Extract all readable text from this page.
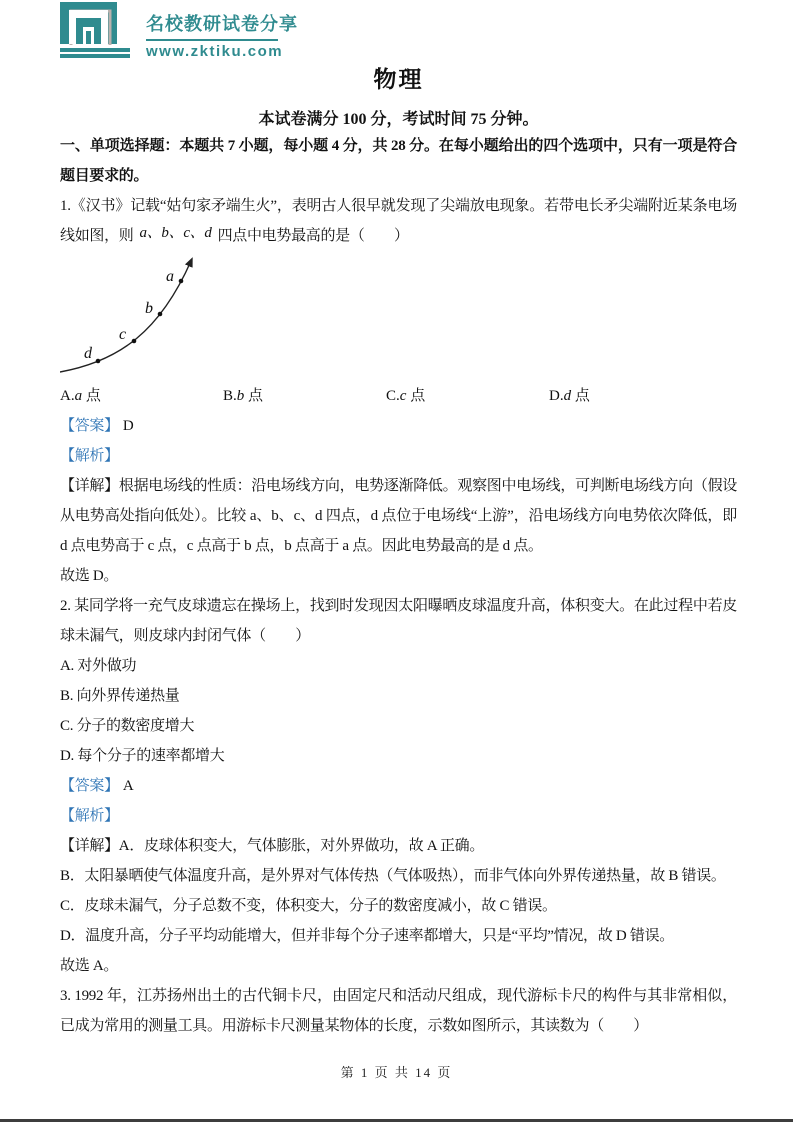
名校教研试卷分享
www.zktiku.com
物理

本试卷满分 100 分，考试时间 75 分钟。

一、单项选择题：本题共 7 小题，每小题 4 分，共 28 分。在每小题给出的四个选项中，只有一项是符合题目要求的。

1.《汉书》记载“姑句家矛端生火”，表明古人很早就发现了尖端放电现象。若带电长矛尖端附近某条电场线如图，则 a、b、c、d 四点中电势最高的是（　　）

a
b
c
d
A.a 点	B.b 点	C.c 点	D.d 点

【答案】 D

【解析】

【详解】根据电场线的性质：沿电场线方向，电势逐渐降低。观察图中电场线，可判断电场线方向（假设从电势高处指向低处）。比较 a、b、c、d 四点，d 点位于电场线“上游”，沿电场线方向电势依次降低，即 d 点电势高于 c 点，c 点高于 b 点，b 点高于 a 点。因此电势最高的是 d 点。

故选 D。

2. 某同学将一充气皮球遗忘在操场上，找到时发现因太阳曝晒皮球温度升高，体积变大。在此过程中若皮球未漏气，则皮球内封闭气体（　　）

A. 对外做功

B. 向外界传递热量

C. 分子的数密度增大

D. 每个分子的速率都增大

【答案】 A

【解析】

【详解】A．皮球体积变大，气体膨胀，对外界做功，故 A 正确。

B．太阳暴晒使气体温度升高，是外界对气体传热（气体吸热），而非气体向外界传递热量，故 B 错误。

C．皮球未漏气，分子总数不变，体积变大，分子的数密度减小，故 C 错误。

D．温度升高，分子平均动能增大，但并非每个分子速率都增大，只是“平均”情况，故 D 错误。

故选 A。

3. 1992 年，江苏扬州出土的古代铜卡尺，由固定尺和活动尺组成，现代游标卡尺的构件与其非常相似，已成为常用的测量工具。用游标卡尺测量某物体的长度，示数如图所示，其读数为（　　）

第 1 页 共 14 页
